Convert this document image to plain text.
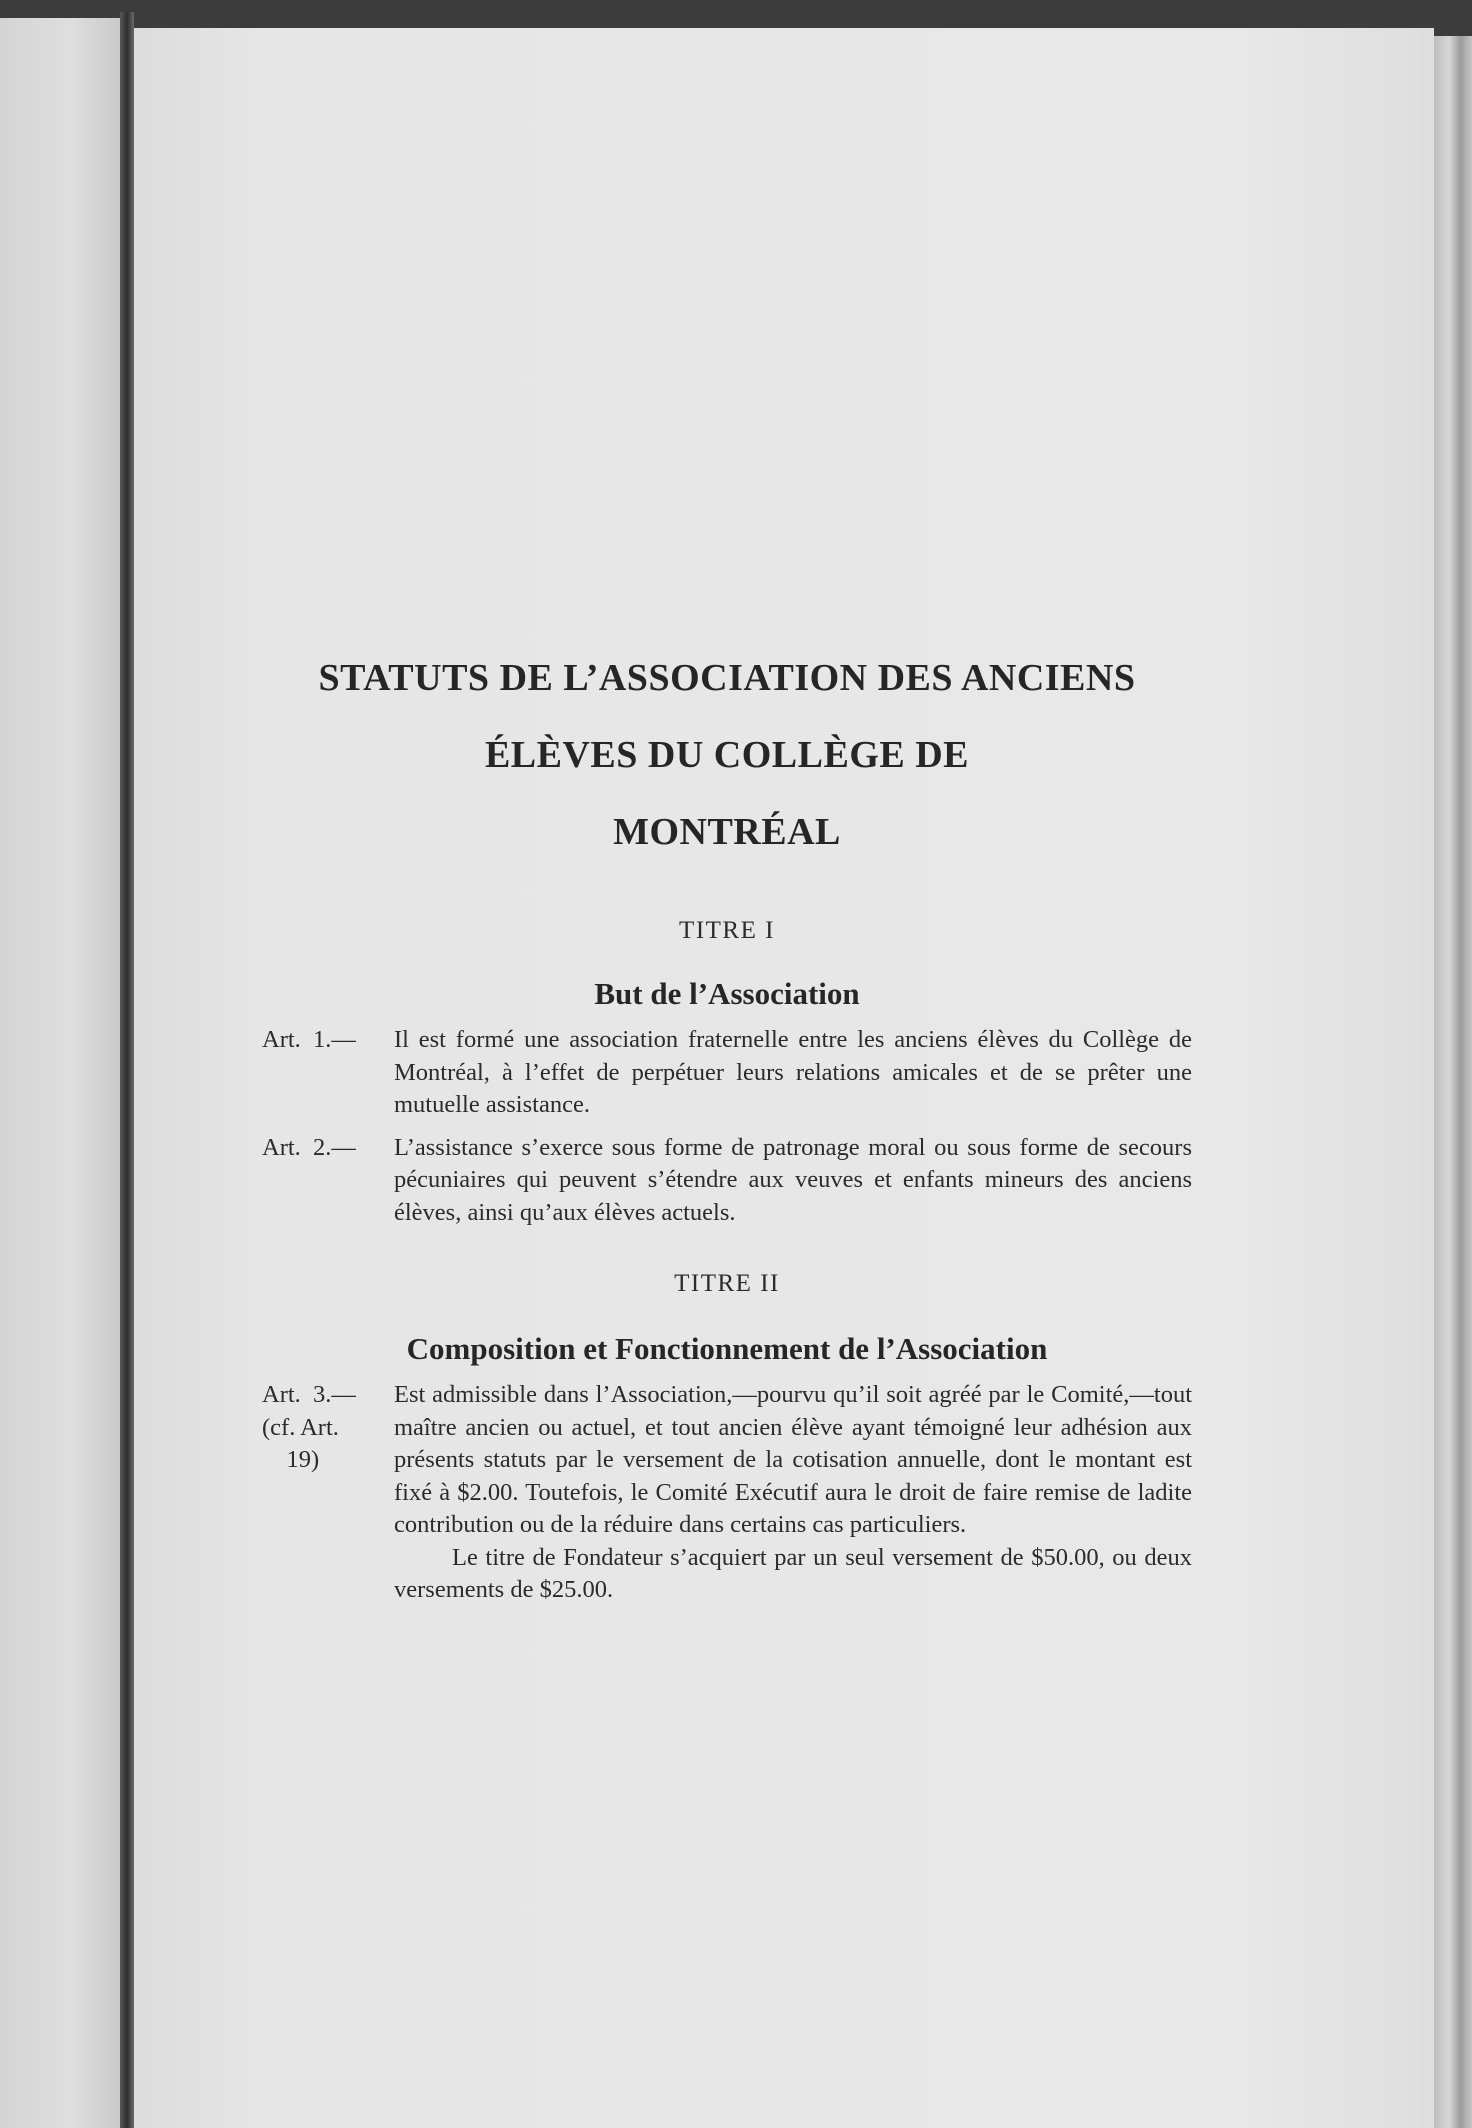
STATUTS DE L’ASSOCIATION DES ANCIENS

ÉLÈVES DU COLLÈGE DE

MONTRÉAL

TITRE I

But de l’Association

Art.  1.—	Il est formé une association fraternelle entre les anciens élèves du Collège de Montréal, à l’effet de perpétuer leurs relations amicales et de se prêter une mutuelle assistance.
Art.  2.—	L’assistance s’exerce sous forme de patronage moral ou sous forme de secours pécuniaires qui peuvent s’étendre aux veuves et enfants mineurs des anciens élèves, ainsi qu’aux élèves actuels.

TITRE II

Composition et Fonctionnement de l’Association

Art.  3.—
(cf. Art.
19)
Est admissible dans l’Association,—pourvu qu’il soit agréé par le Comité,—tout maître ancien ou actuel, et tout ancien élève ayant témoigné leur adhésion aux présents statuts par le versement de la cotisation annuelle, dont le montant est fixé à $2.00. Toutefois, le Comité Exécutif aura le droit de faire remise de ladite contribution ou de la réduire dans certains cas particuliers.
Le titre de Fondateur s’acquiert par un seul versement de $50.00, ou deux versements de $25.00.
